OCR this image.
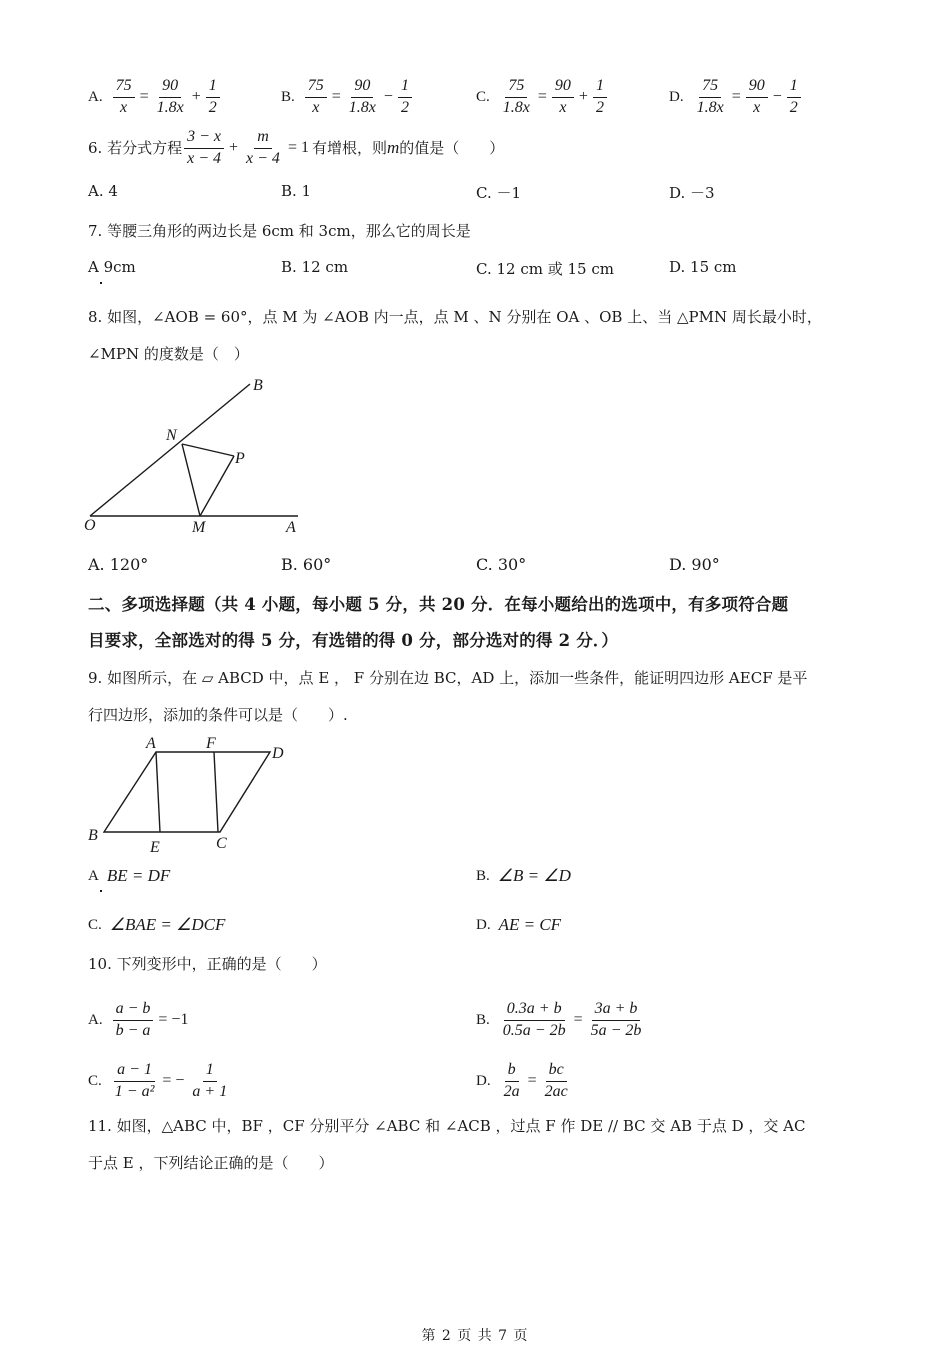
A. $\frac{75}{x} = \frac{90}{1.8x} + \frac{1}{2}$	B. $\frac{75}{x} = \frac{90}{1.8x} - \frac{1}{2}$	C. $\frac{75}{1.8x} = \frac{90}{x} + \frac{1}{2}$	D. $\frac{75}{1.8x} = \frac{90}{x} - \frac{1}{2}$
6. 若分式方程 $\frac{3 - x}{x - 4} + \frac{m}{x - 4} = 1$ 有增根，则 m 的值是（　　）
A. 4	B. 1	C. －1	D. －3
7. 等腰三角形的两边长是 6cm 和 3cm，那么它的周长是
A 9cm	B. 12 cm	C. 12 cm 或 15 cm	D. 15 cm
8. 如图，∠AOB = 60°，点 M 为 ∠AOB 内一点，点 M 、N 分别在 OA 、OB 上、当 △PMN 周长最小时，
∠MPN 的度数是（　）
B
N
P
O	M	A
A. 120°	B. 60°	C. 30°	D. 90°
二、多项选择题（共 4 小题，每小题 5 分，共 20 分．在每小题给出的选项中，有多项符合题
目要求，全部选对的得 5 分，有选错的得 0 分，部分选对的得 2 分．）
9. 如图所示，在 ▱ ABCD 中，点 E ， F 分别在边 BC，AD 上，添加一些条件，能证明四边形 AECF 是平
行四边形，添加的条件可以是（　　）.
A	F
D
B
E	C
A BE = DF	B. ∠B = ∠D
C. ∠BAE = ∠DCF	D. AE = CF
10. 下列变形中，正确的是（　　）
A. $\frac{a - b}{b - a} = -1$	B. $\frac{0.3a + b}{0.5a - 2b} = \frac{3a + b}{5a - 2b}$
C. $\frac{a - 1}{\text{1 − a²}}$ = − $\frac{1}{a + 1}$	D. $\frac{b}{2a} = \frac{bc}{2ac}$
11. 如图，△ABC 中，BF ，CF 分别平分 ∠ABC 和 ∠ACB ，过点 F 作 DE // BC 交 AB 于点 D ，交 AC
于点 E ，下列结论正确的是（　　）
第 2 页 共 7 页
